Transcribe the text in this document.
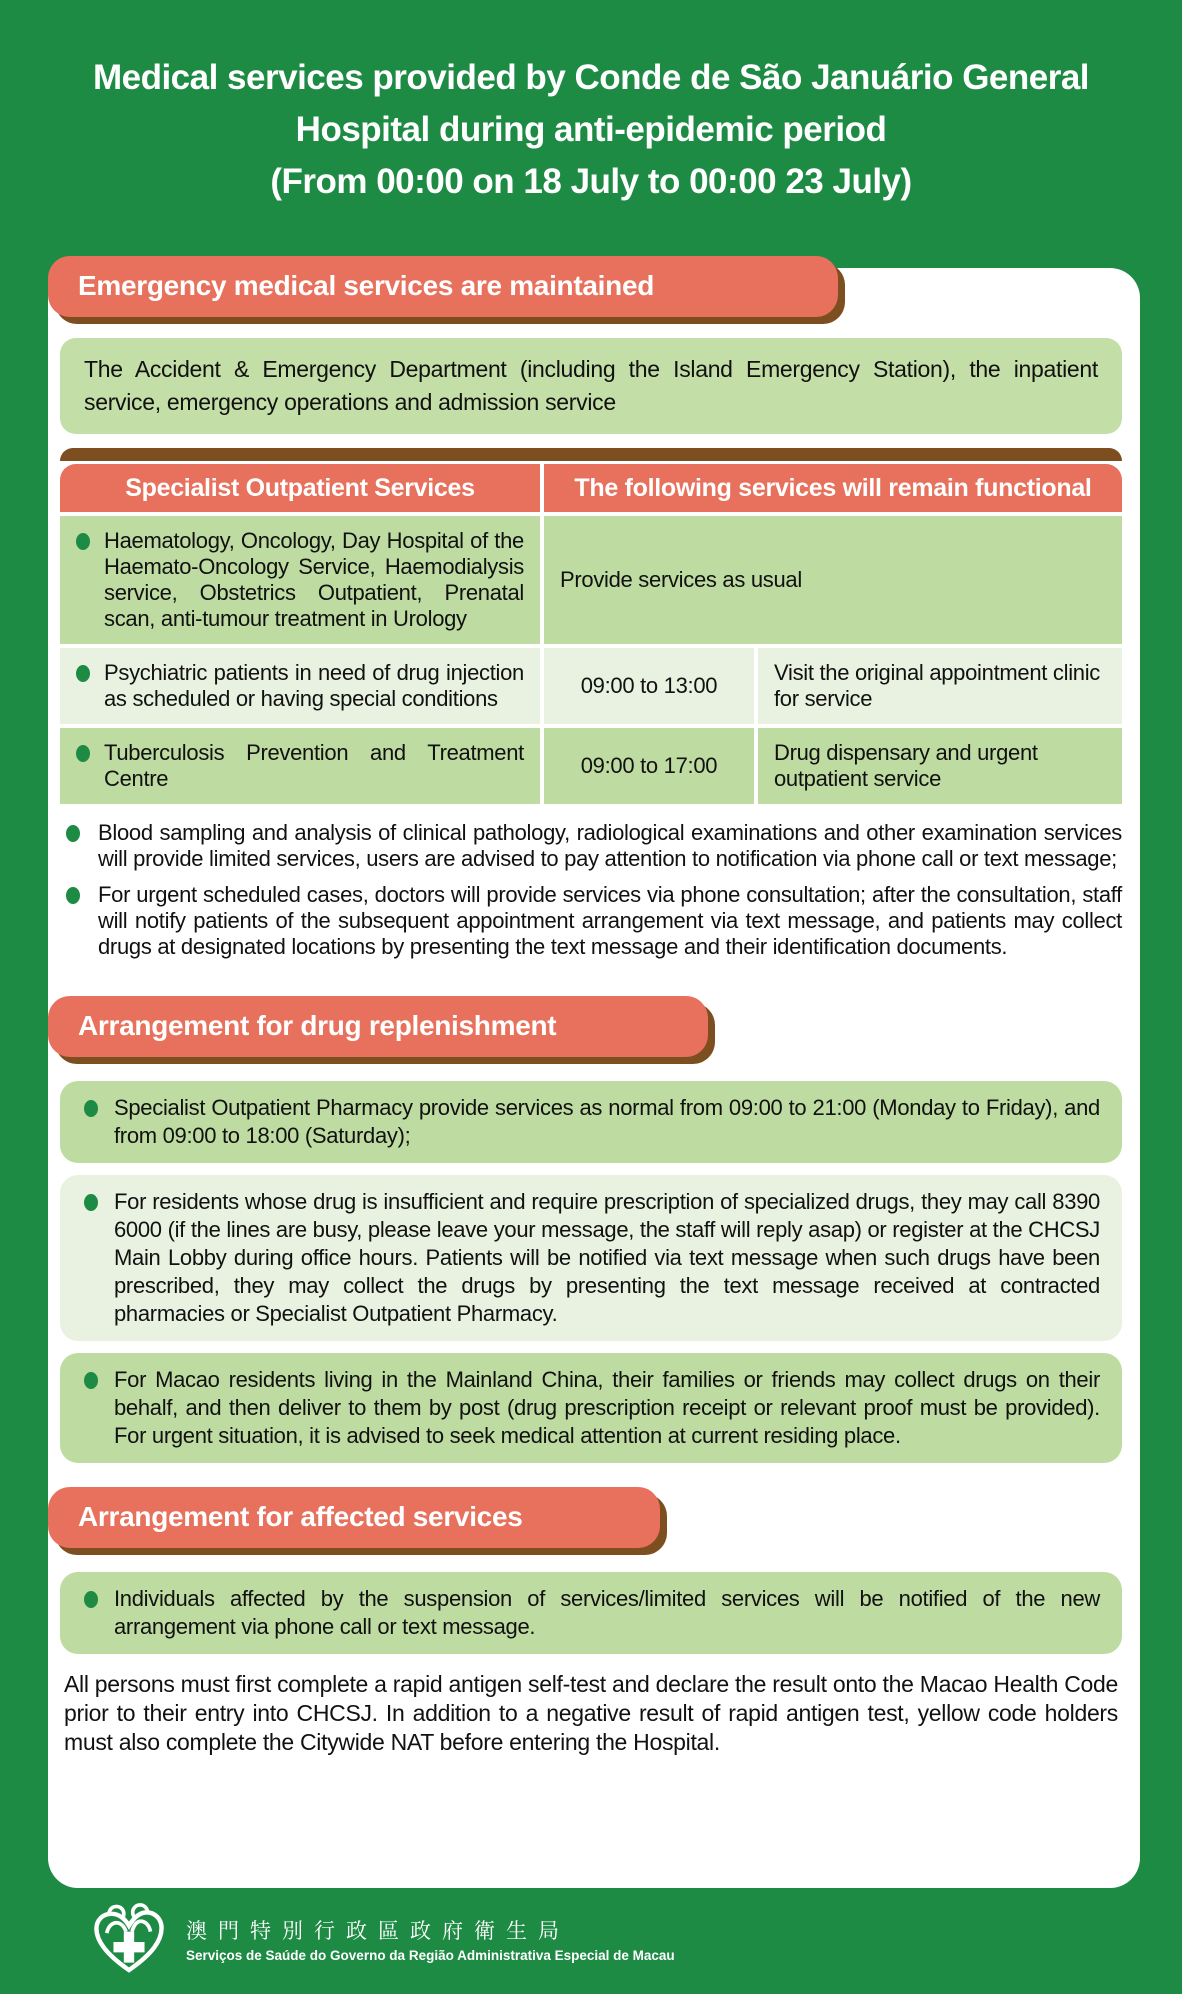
Medical services provided by Conde de São Januário General
Hospital during anti-epidemic period
(From 00:00 on 18 July to 00:00 23 July)
Emergency medical services are maintained
The Accident & Emergency Department (including the Island Emergency Station), the inpatient service, emergency operations and admission service
Specialist Outpatient Services	The following services will remain functional
Haematology, Oncology, Day Hospital of the Haemato-Oncology Service, Haemodialysis service, Obstetrics Outpatient, Prenatal scan, anti-tumour treatment in Urology
Provide services as usual
Psychiatric patients in need of drug injection as scheduled or having special conditions
09:00 to 13:00
Visit the original appointment clinic for service
Tuberculosis Prevention and Treatment Centre
09:00 to 17:00
Drug dispensary and urgent outpatient service
Blood sampling and analysis of clinical pathology, radiological examinations and other examination services will provide limited services, users are advised to pay attention to notification via phone call or text message;
For urgent scheduled cases, doctors will provide services via phone consultation; after the consultation, staff will notify patients of the subsequent appointment arrangement via text message, and patients may collect drugs at designated locations by presenting the text message and their identification documents.
Arrangement for drug replenishment
Specialist Outpatient Pharmacy provide services as normal from 09:00 to 21:00 (Monday to Friday), and from 09:00 to 18:00 (Saturday);
For residents whose drug is insufficient and require prescription of specialized drugs, they may call 8390 6000 (if the lines are busy, please leave your message, the staff will reply asap) or register at the CHCSJ Main Lobby during office hours. Patients will be notified via text message when such drugs have been prescribed, they may collect the drugs by presenting the text message received at contracted pharmacies or Specialist Outpatient Pharmacy.
For Macao residents living in the Mainland China, their families or friends may collect drugs on their behalf, and then deliver to them by post (drug prescription receipt or relevant proof must be provided). For urgent situation, it is advised to seek medical attention at current residing place.
Arrangement for affected services
Individuals affected by the suspension of services/limited services will be notified of the new arrangement via phone call or text message.
All persons must first complete a rapid antigen self-test and declare the result onto the Macao Health Code prior to their entry into CHCSJ. In addition to a negative result of rapid antigen test, yellow code holders must also complete the Citywide NAT before entering the Hospital.
澳門特別行政區政府衛生局
Serviços de Saúde do Governo da Região Administrativa Especial de Macau
